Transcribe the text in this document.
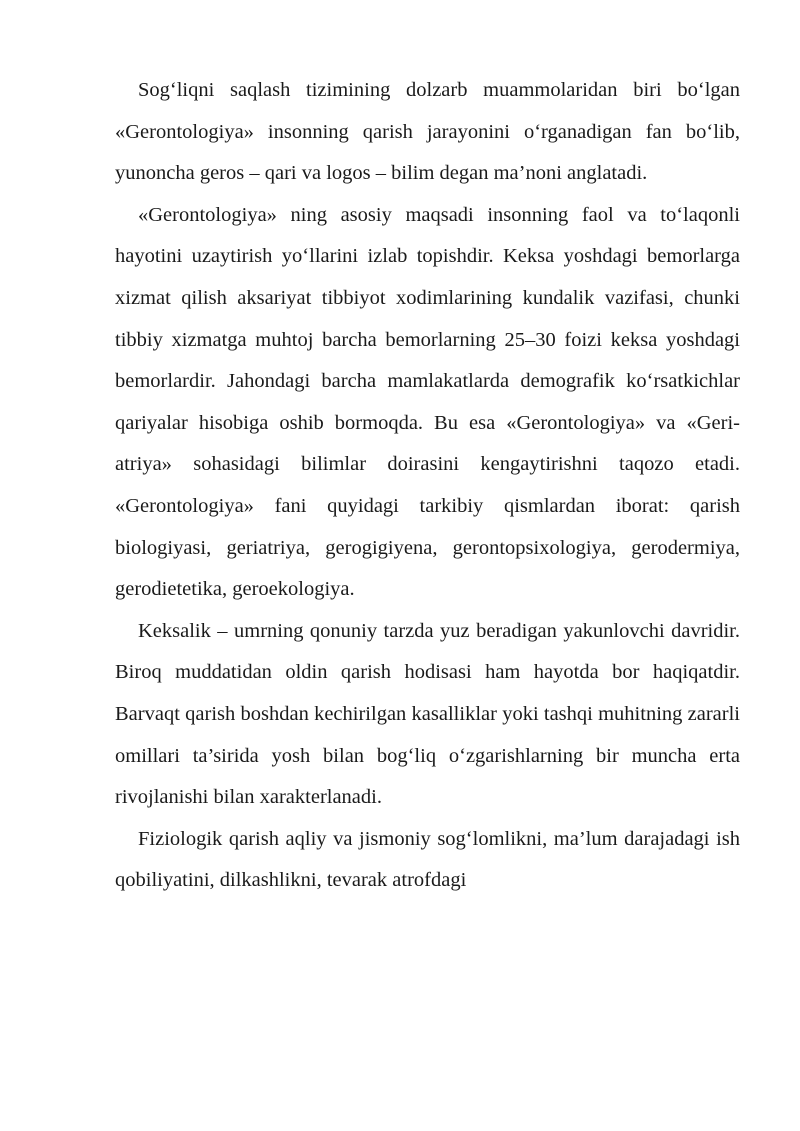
Sog‘liqni saqlash tizimining dolzarb muammolaridan biri bo‘lgan «Gerontologiya» insonning qarish jarayonini o‘rganadigan fan bo‘lib, yunoncha geros – qari va logos – bilim degan ma’noni anglatadi.

«Gerontologiya» ning asosiy maqsadi insonning faol va to‘laqonli hayotini uzaytirish yo‘llarini izlab topishdir. Keksa yoshdagi bemorlarga xizmat qilish aksariyat tibbiyot xodimlarining kundalik vazifasi, chunki tibbiy xizmatga muhtoj barcha bemorlarning 25–30 foizi keksa yoshdagi bemorlardir. Jahondagi barcha mamlakatlarda demografik ko‘rsatkichlar qariyalar hisobiga oshib bormoqda. Bu esa «Gerontologiya» va «Geri-atriya» sohasidagi bilimlar doirasini kengaytirishni taqozo etadi. «Gerontologiya» fani quyidagi tarkibiy qismlardan iborat: qarish biologiyasi, geriatriya, gerogigiyena, gerontopsixologiya, gerodermiya, gerodietetika, geroekologiya.

Keksalik – umrning qonuniy tarzda yuz beradigan yakunlovchi davridir. Biroq muddatidan oldin qarish hodisasi ham hayotda bor haqiqatdir. Barvaqt qarish boshdan kechirilgan kasalliklar yoki tashqi muhitning zararli omillari ta’sirida yosh bilan bog‘liq o‘zgarishlarning bir muncha erta rivojlanishi bilan xarakterlanadi.

Fiziologik qarish aqliy va jismoniy sog‘lomlikni, ma’lum darajadagi ish qobiliyatini, dilkashlikni, tevarak atrofdagi
